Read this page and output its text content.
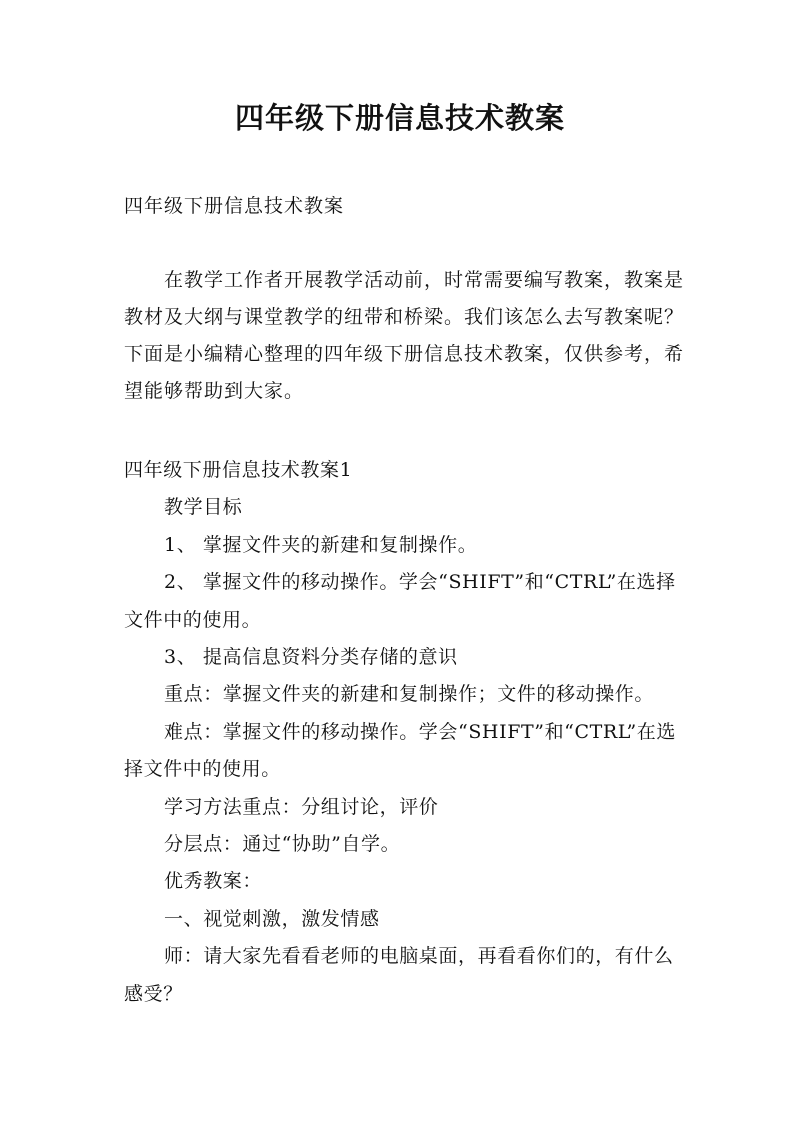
四年级下册信息技术教案

四年级下册信息技术教案

在教学工作者开展教学活动前，时常需要编写教案，教案是教材及大纲与课堂教学的纽带和桥梁。我们该怎么去写教案呢？下面是小编精心整理的四年级下册信息技术教案，仅供参考，希望能够帮助到大家。

四年级下册信息技术教案1

教学目标

1、 掌握文件夹的新建和复制操作。

2、 掌握文件的移动操作。学会“SHIFT”和“CTRL”在选择文件中的使用。

3、 提高信息资料分类存储的意识

重点：掌握文件夹的新建和复制操作；文件的移动操作。

难点：掌握文件的移动操作。学会“SHIFT”和“CTRL”在选择文件中的使用。

学习方法重点：分组讨论，评价

分层点：通过“协助”自学。

优秀教案：

一、视觉刺激，激发情感

师：请大家先看看老师的电脑桌面，再看看你们的，有什么感受？
